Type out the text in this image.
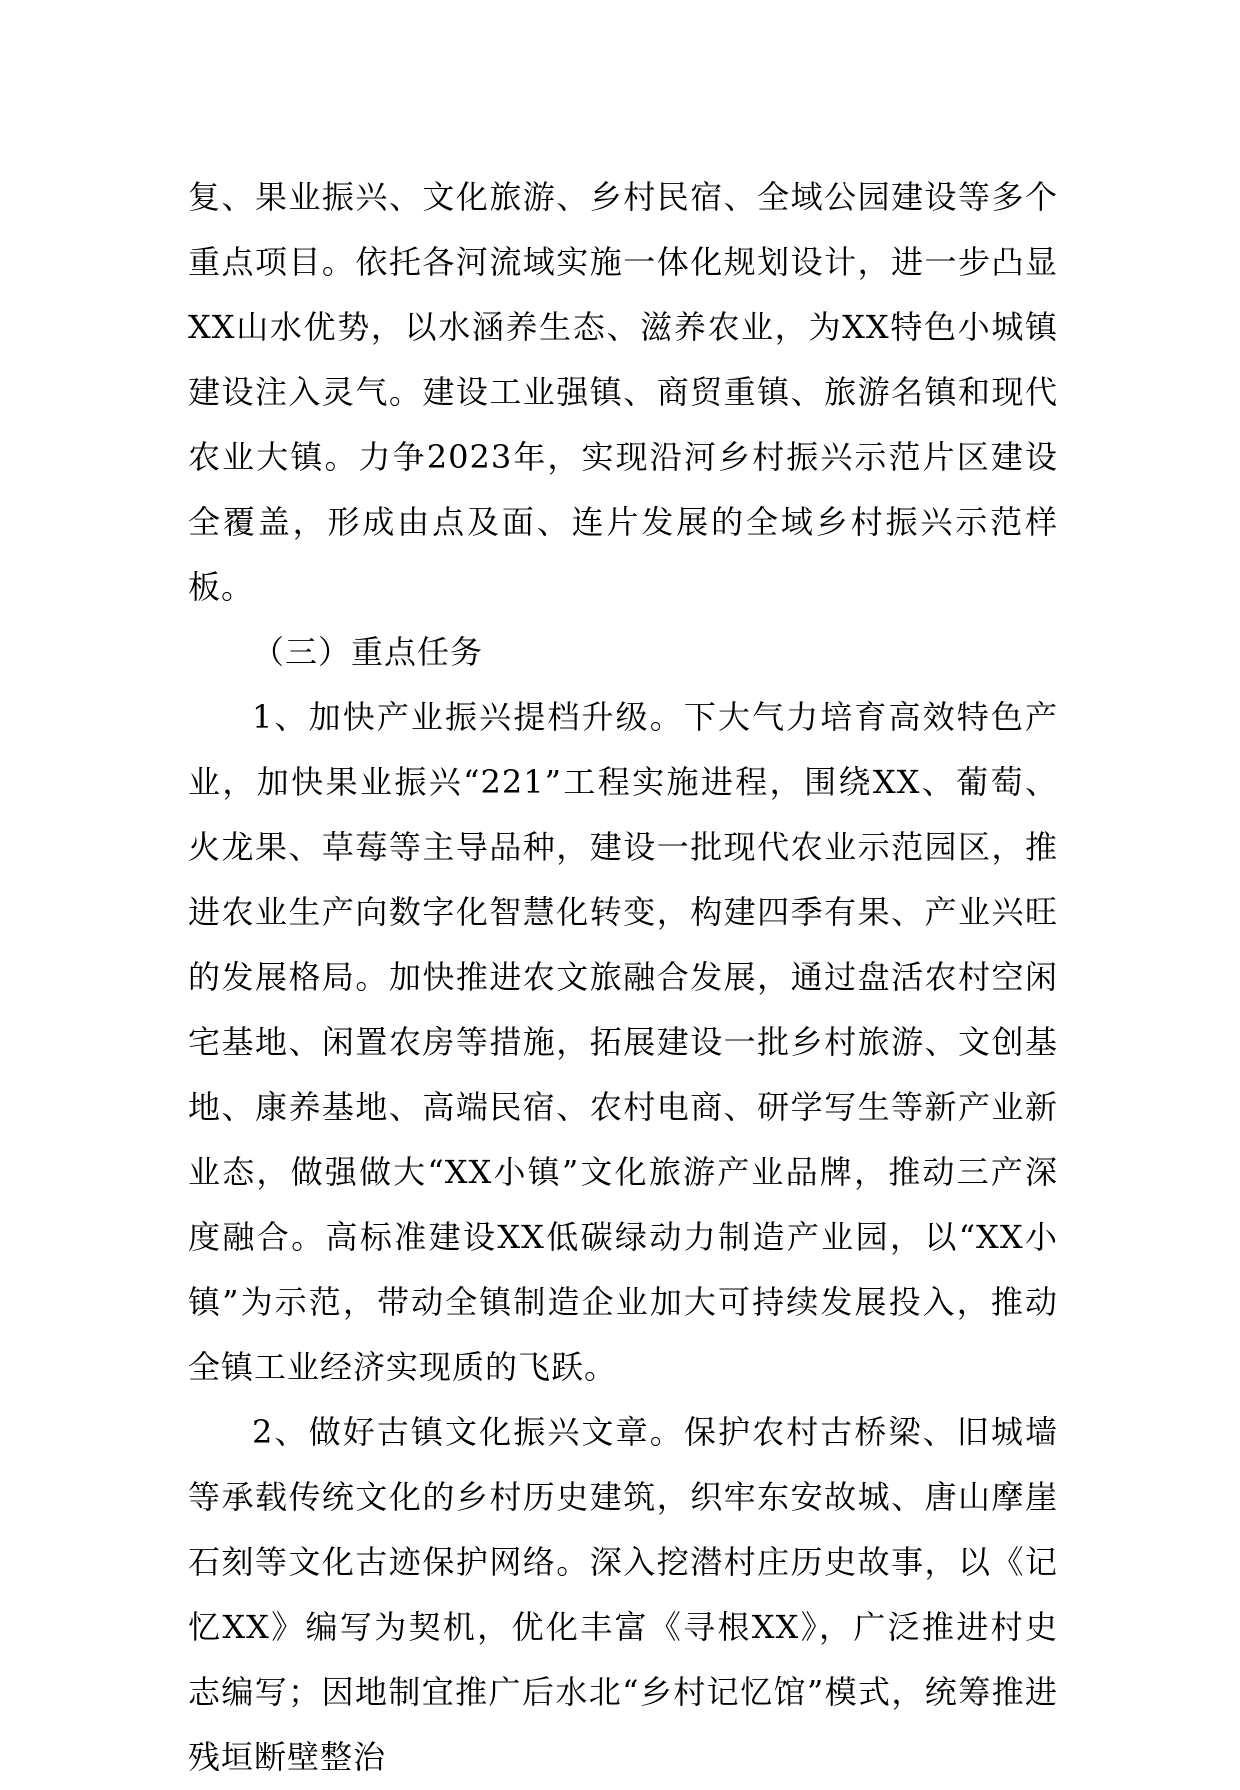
复、果业振兴、文化旅游、乡村民宿、全域公园建设等多个重点项目。依托各河流域实施一体化规划设计，进一步凸显XX山水优势，以水涵养生态、滋养农业，为XX特色小城镇建设注入灵气。建设工业强镇、商贸重镇、旅游名镇和现代农业大镇。力争2023年，实现沿河乡村振兴示范片区建设全覆盖，形成由点及面、连片发展的全域乡村振兴示范样板。

（三）重点任务

1、加快产业振兴提档升级。下大气力培育高效特色产业，加快果业振兴“221”工程实施进程，围绕XX、葡萄、火龙果、草莓等主导品种，建设一批现代农业示范园区，推进农业生产向数字化智慧化转变，构建四季有果、产业兴旺的发展格局。加快推进农文旅融合发展，通过盘活农村空闲宅基地、闲置农房等措施，拓展建设一批乡村旅游、文创基地、康养基地、高端民宿、农村电商、研学写生等新产业新业态，做强做大“XX小镇”文化旅游产业品牌，推动三产深度融合。高标准建设XX低碳绿动力制造产业园，以“XX小镇”为示范，带动全镇制造企业加大可持续发展投入，推动全镇工业经济实现质的飞跃。

2、做好古镇文化振兴文章。保护农村古桥梁、旧城墙等承载传统文化的乡村历史建筑，织牢东安故城、唐山摩崖石刻等文化古迹保护网络。深入挖潜村庄历史故事，以《记忆XX》编写为契机，优化丰富《寻根XX》，广泛推进村史志编写；因地制宜推广后水北“乡村记忆馆”模式，统筹推进残垣断壁整治
